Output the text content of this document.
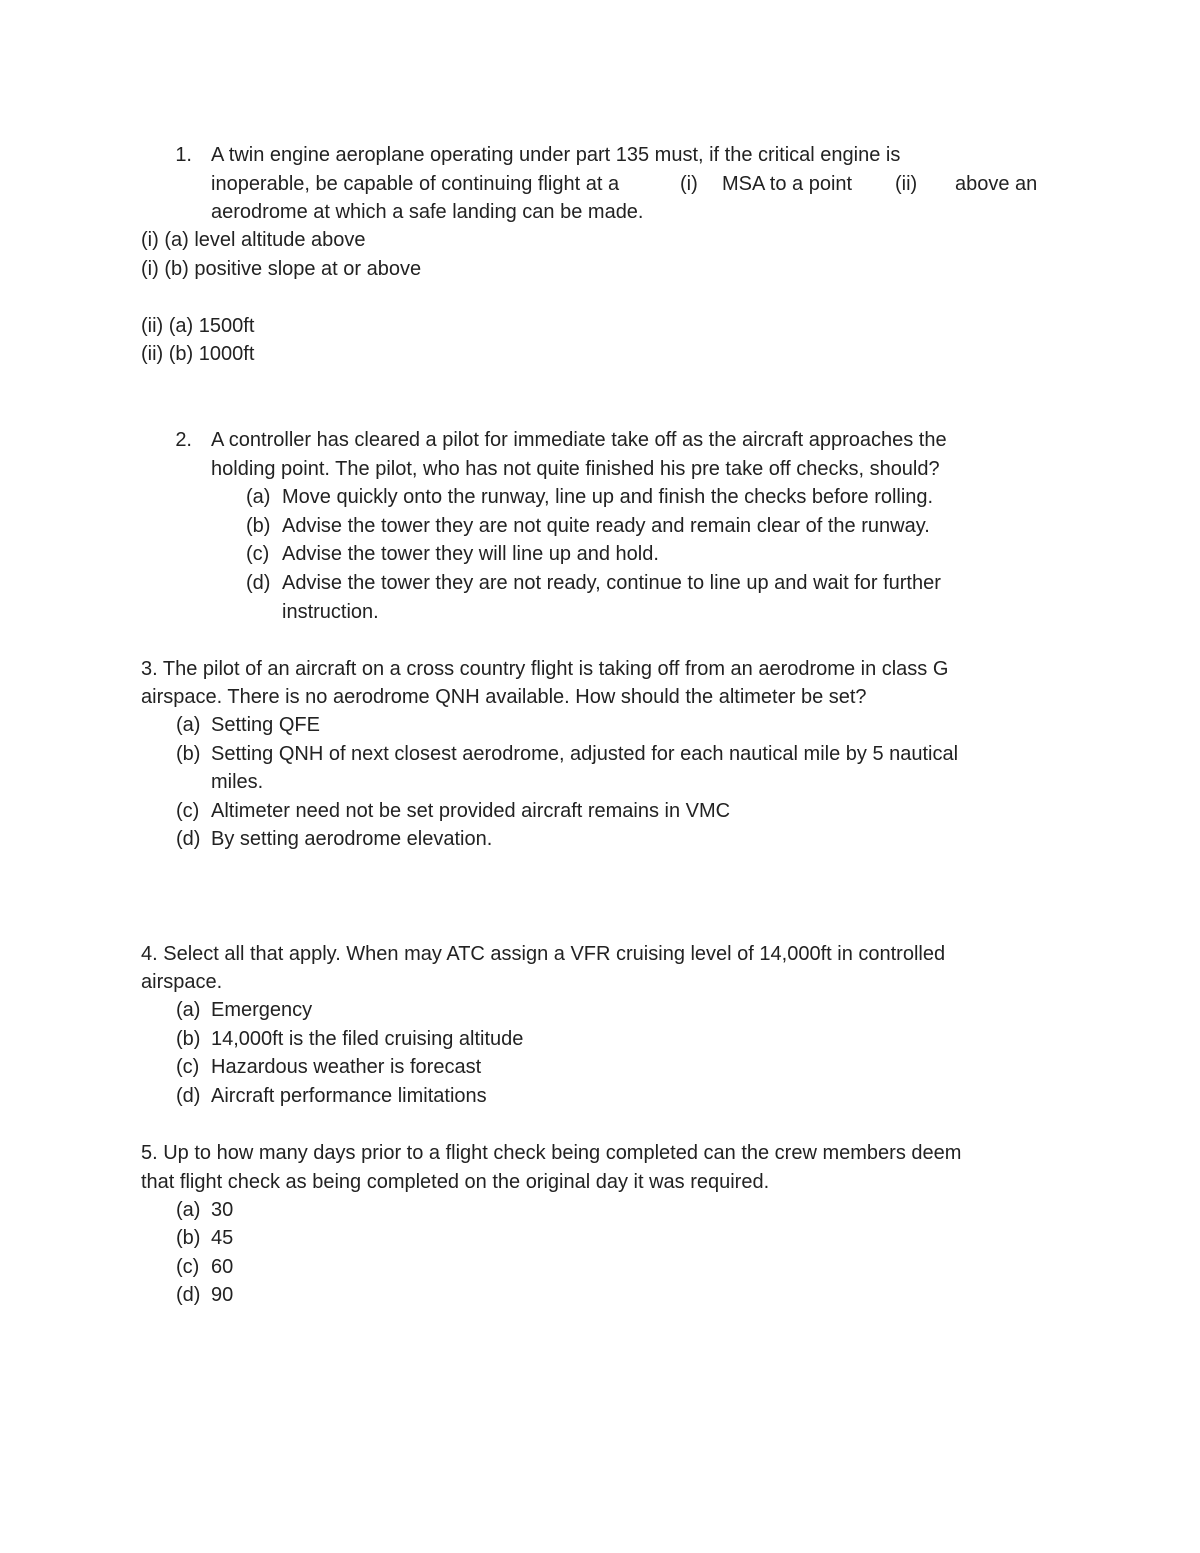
1. A twin engine aeroplane operating under part 135 must, if the critical engine is
inoperable, be capable of continuing flight at a	(i) MSA to a point (ii) above an
aerodrome at which a safe landing can be made.
(i) (a) level altitude above
(i) (b) positive slope at or above
(ii) (a) 1500ft
(ii) (b) 1000ft
2. A controller has cleared a pilot for immediate take off as the aircraft approaches the
holding point. The pilot, who has not quite finished his pre take off checks, should?
(a) Move quickly onto the runway, line up and finish the checks before rolling.
(b) Advise the tower they are not quite ready and remain clear of the runway.
(c) Advise the tower they will line up and hold.
(d) Advise the tower they are not ready, continue to line up and wait for further
instruction.
3. The pilot of an aircraft on a cross country flight is taking off from an aerodrome in class G
airspace. There is no aerodrome QNH available. How should the altimeter be set?
(a) Setting QFE
(b) Setting QNH of next closest aerodrome, adjusted for each nautical mile by 5 nautical
miles.
(c) Altimeter need not be set provided aircraft remains in VMC
(d) By setting aerodrome elevation.
4. Select all that apply. When may ATC assign a VFR cruising level of 14,000ft in controlled
airspace.
(a) Emergency
(b) 14,000ft is the filed cruising altitude
(c) Hazardous weather is forecast
(d) Aircraft performance limitations
5. Up to how many days prior to a flight check being completed can the crew members deem
that flight check as being completed on the original day it was required.
(a) 30
(b) 45
(c) 60
(d) 90
